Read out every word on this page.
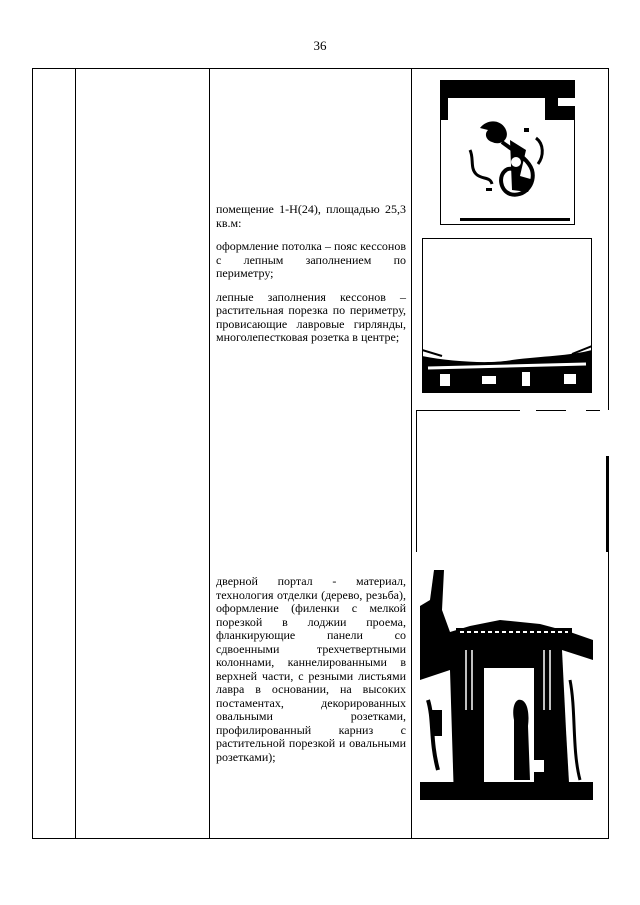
36

помещение 1-Н(24), площадью 25,3 кв.м:

оформление потолка – пояс кессонов с лепным заполнением по периметру;

лепные заполнения кессонов – растительная порезка по периметру, провисающие лавровые гирлянды, многолепестковая розетка в центре;

дверной портал - материал, технология отделки (дерево, резьба), оформление (филенки с мелкой порезкой в лоджии проема, фланкирующие панели со сдвоенными трехчетвертными колоннами, каннелированными в верхней части, с резными листьями лавра в основании, на высоких постаментах, декорированных овальными розетками, профилированный карниз с растительной порезкой и овальными розетками);
